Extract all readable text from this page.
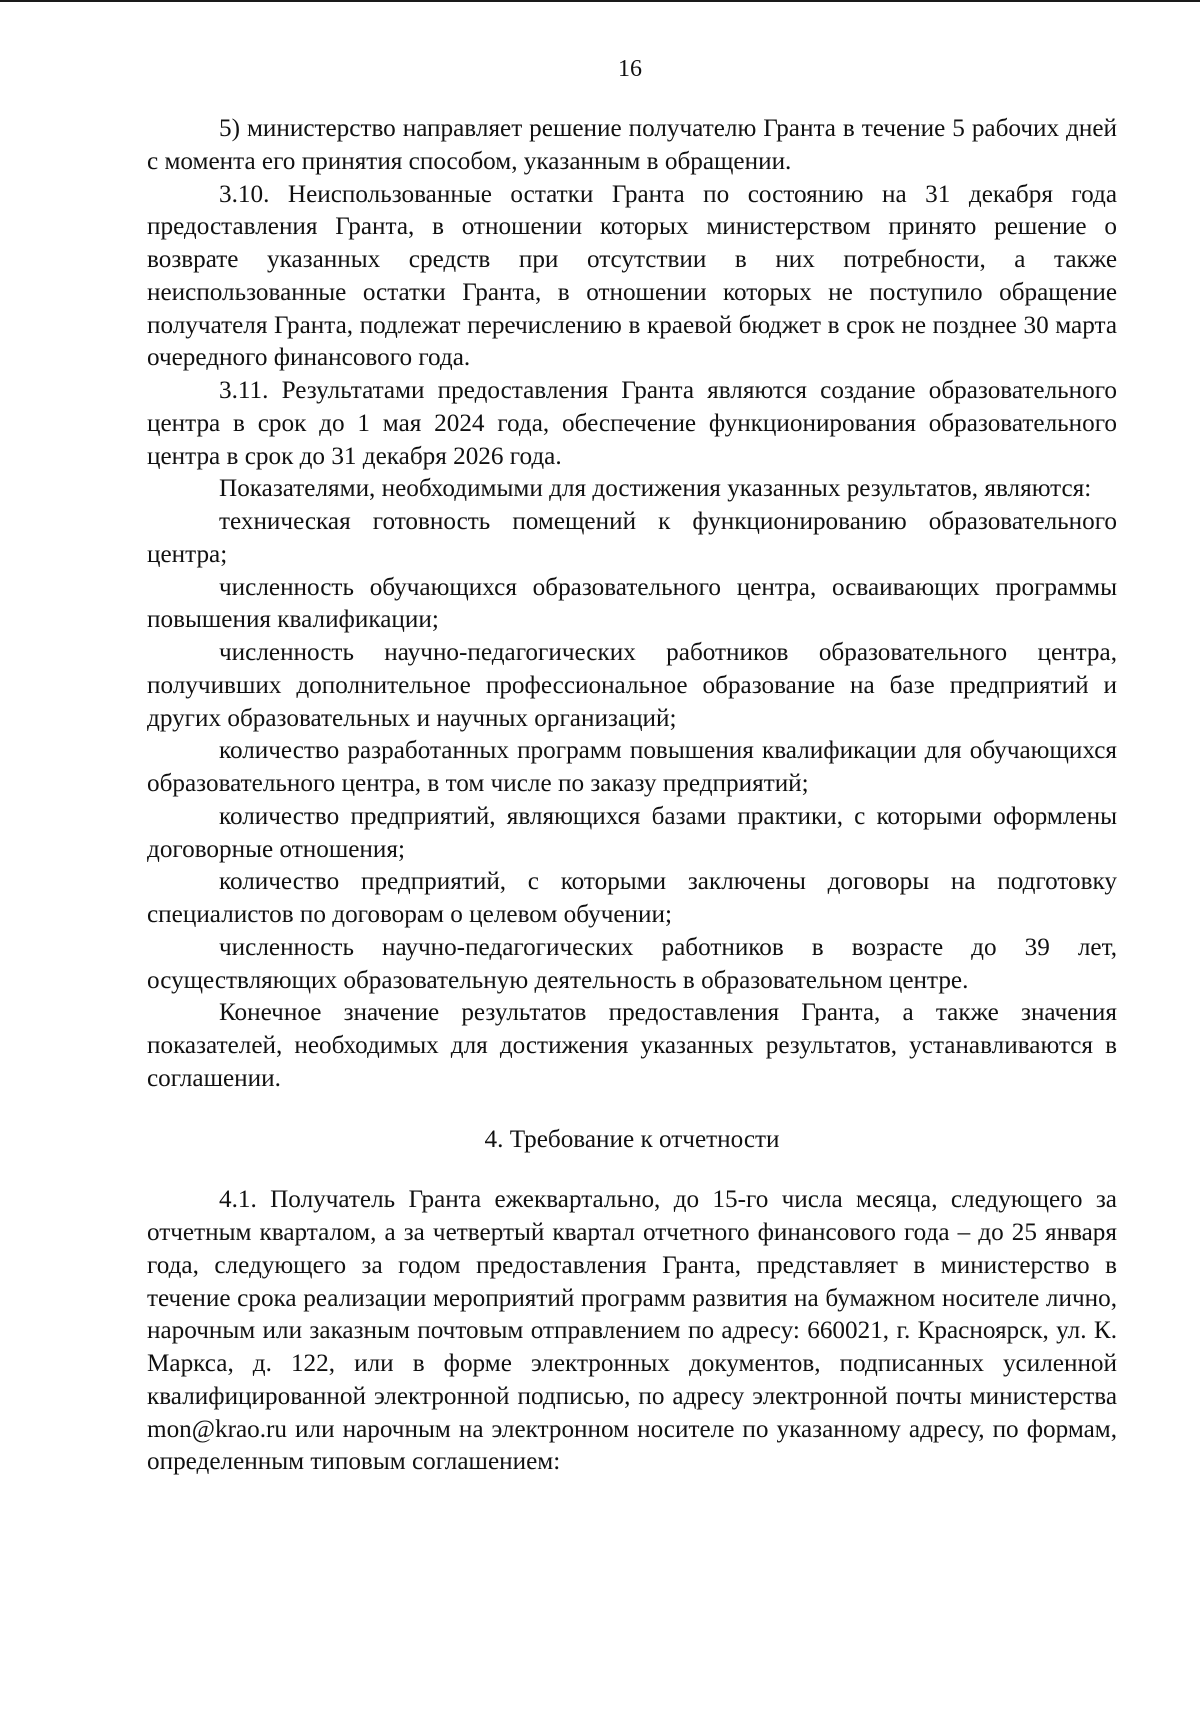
16

5) министерство направляет решение получателю Гранта в течение 5 рабочих дней с момента его принятия способом, указанным в обращении.

3.10. Неиспользованные остатки Гранта по состоянию на 31 декабря года предоставления Гранта, в отношении которых министерством принято решение о возврате указанных средств при отсутствии в них потребности, а также неиспользованные остатки Гранта, в отношении которых не поступило обращение получателя Гранта, подлежат перечислению в краевой бюджет в срок не позднее 30 марта очередного финансового года.

3.11. Результатами предоставления Гранта являются создание образовательного центра в срок до 1 мая 2024 года, обеспечение функционирования образовательного центра в срок до 31 декабря 2026 года.

Показателями, необходимыми для достижения указанных результатов, являются:

техническая готовность помещений к функционированию образовательного центра;

численность обучающихся образовательного центра, осваивающих программы повышения квалификации;

численность научно-педагогических работников образовательного центра, получивших дополнительное профессиональное образование на базе предприятий и других образовательных и научных организаций;

количество разработанных программ повышения квалификации для обучающихся образовательного центра, в том числе по заказу предприятий;

количество предприятий, являющихся базами практики, с которыми оформлены договорные отношения;

количество предприятий, с которыми заключены договоры на подготовку специалистов по договорам о целевом обучении;

численность научно-педагогических работников в возрасте до 39 лет, осуществляющих образовательную деятельность в образовательном центре.

Конечное значение результатов предоставления Гранта, а также значения показателей, необходимых для достижения указанных результатов, устанавливаются в соглашении.

4. Требование к отчетности

4.1. Получатель Гранта ежеквартально, до 15-го числа месяца, следующего за отчетным кварталом, а за четвертый квартал отчетного финансового года – до 25 января года, следующего за годом предоставления Гранта, представляет в министерство в течение срока реализации мероприятий программ развития на бумажном носителе лично, нарочным или заказным почтовым отправлением по адресу: 660021, г. Красноярск, ул. К. Маркса, д. 122, или в форме электронных документов, подписанных усиленной квалифицированной электронной подписью, по адресу электронной почты министерства mon@krao.ru или нарочным на электронном носителе по указанному адресу, по формам, определенным типовым соглашением:
